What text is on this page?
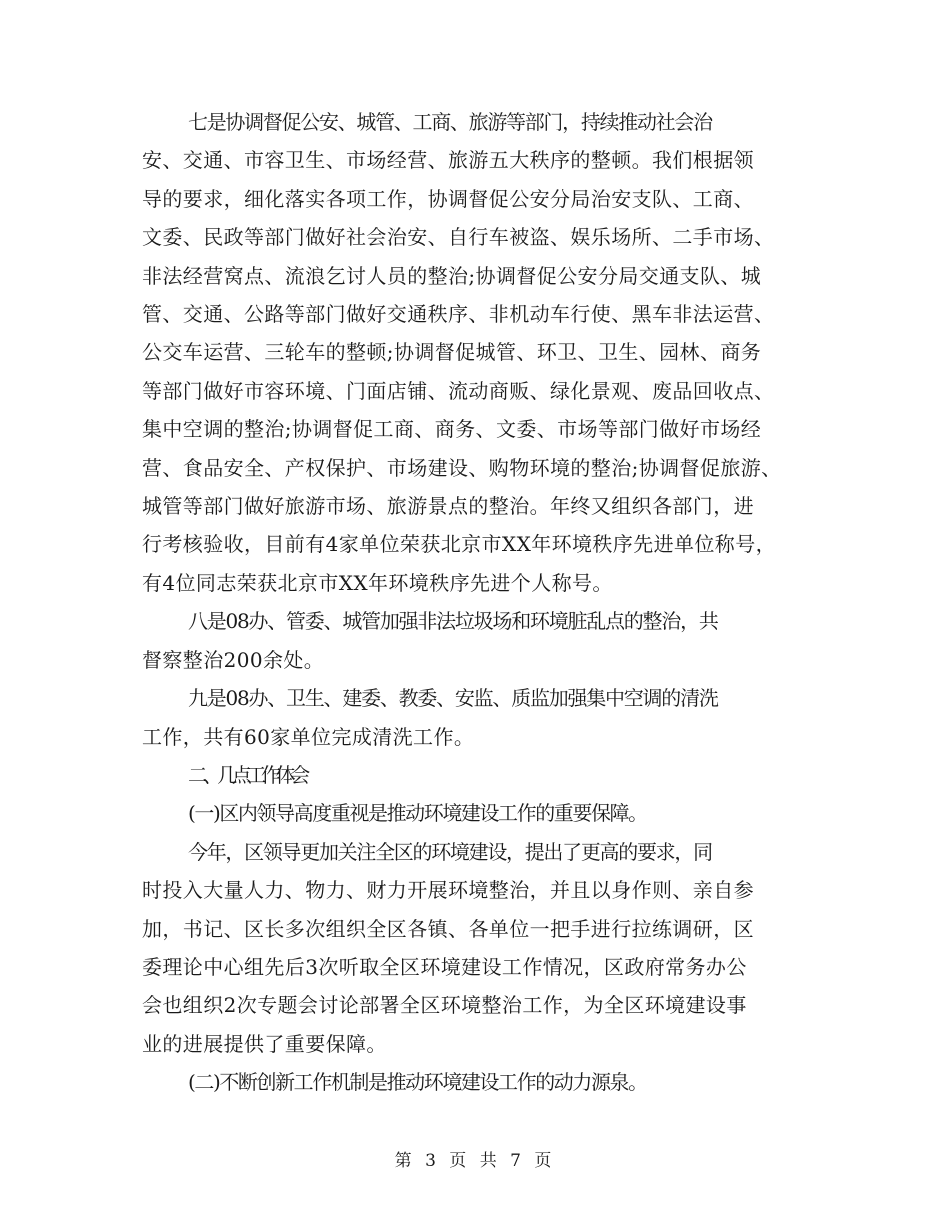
七是协调督促公安、城管、工商、旅游等部门，持续推动社会治
安、交通、市容卫生、市场经营、旅游五大秩序的整顿。我们根据领
导的要求，细化落实各项工作，协调督促公安分局治安支队、工商、
文委、民政等部门做好社会治安、自行车被盗、娱乐场所、二手市场、
非法经营窝点、流浪乞讨人员的整治;协调督促公安分局交通支队、城
管、交通、公路等部门做好交通秩序、非机动车行使、黑车非法运营、
公交车运营、三轮车的整顿;协调督促城管、环卫、卫生、园林、商务
等部门做好市容环境、门面店铺、流动商贩、绿化景观、废品回收点、
集中空调的整治;协调督促工商、商务、文委、市场等部门做好市场经
营、食品安全、产权保护、市场建设、购物环境的整治;协调督促旅游、
城管等部门做好旅游市场、旅游景点的整治。年终又组织各部门，进
行考核验收，目前有4家单位荣获北京市XX年环境秩序先进单位称号，
有4位同志荣获北京市XX年环境秩序先进个人称号。
八是08办、管委、城管加强非法垃圾场和环境脏乱点的整治，共
督察整治200余处。
九是08办、卫生、建委、教委、安监、质监加强集中空调的清洗
工作，共有60家单位完成清洗工作。
二、几点工作体会
(一)区内领导高度重视是推动环境建设工作的重要保障。
今年，区领导更加关注全区的环境建设，提出了更高的要求，同
时投入大量人力、物力、财力开展环境整治，并且以身作则、亲自参
加，书记、区长多次组织全区各镇、各单位一把手进行拉练调研，区
委理论中心组先后3次听取全区环境建设工作情况，区政府常务办公
会也组织2次专题会讨论部署全区环境整治工作，为全区环境建设事
业的进展提供了重要保障。
(二)不断创新工作机制是推动环境建设工作的动力源泉。
第 3 页 共 7 页
